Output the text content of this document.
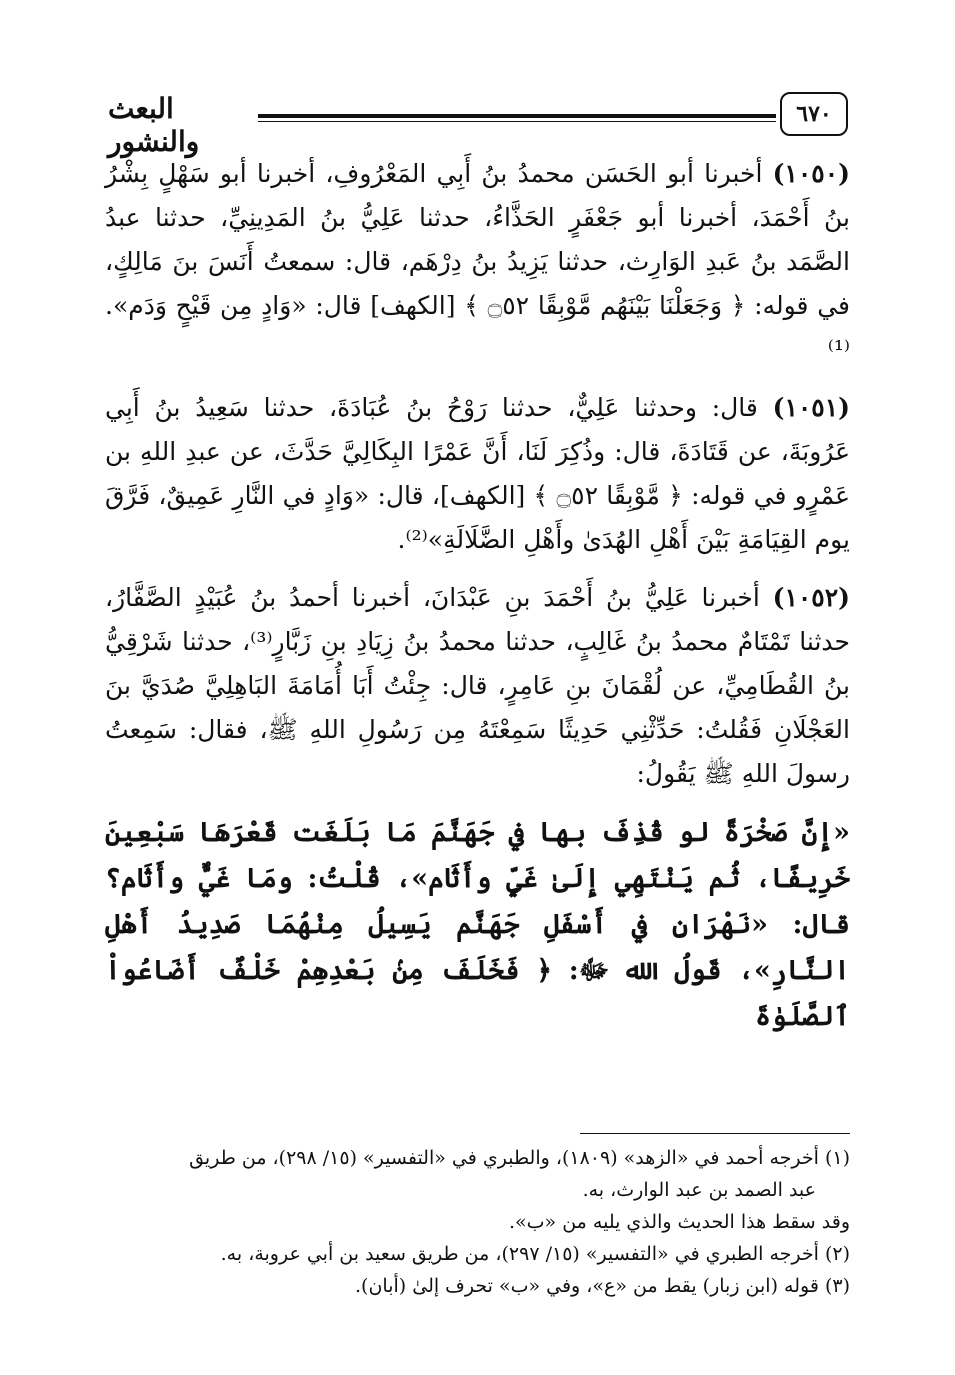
٦٧٠
البعث والنشور

(١٠٥٠) أخبرنا أبو الحَسَن محمدُ بنُ أَبِي المَعْرُوفِ، أخبرنا أبو سَهْلٍ بِشْرُ بنُ أَحْمَدَ، أخبرنا أبو جَعْفَرٍ الحَذَّاءُ، حدثنا عَلِيُّ بنُ المَدِينِيِّ، حدثنا عبدُ الصَّمَد بنُ عَبدِ الوَارِث، حدثنا يَزِيدُ بنُ دِرْهَم، قال: سمعتُ أَنَسَ بنَ مَالِكٍ، في قوله: ﴿ وَجَعَلْنَا بَيْنَهُم مَّوْبِقًا ۝٥٢ ﴾ [الكهف] قال: «وَادٍ مِن قَيْحٍ وَدَم».⁽¹⁾

(١٠٥١) قال: وحدثنا عَلِيٌّ، حدثنا رَوْحُ بنُ عُبَادَةَ، حدثنا سَعِيدُ بنُ أَبِي عَرُوبَةَ، عن قَتَادَةَ، قال: وذُكِرَ لَنَا، أَنَّ عَمْرًا البِكَالِيَّ حَدَّثَ، عن عبدِ اللهِ بن عَمْرٍو في قوله: ﴿ مَّوْبِقًا ۝٥٢ ﴾ [الكهف]، قال: «وَادٍ في النَّارِ عَمِيقٌ، فَرَّقَ يوم القِيَامَةِ بَيْنَ أَهْلِ الهُدَىٰ وأَهْلِ الضَّلَالَةِ»⁽²⁾.

(١٠٥٢) أخبرنا عَلِيُّ بنُ أَحْمَدَ بنِ عَبْدَانَ، أخبرنا أحمدُ بنُ عُبَيْدٍ الصَّفَّارُ، حدثنا تَمْتَامٌ محمدُ بنُ غَالِبٍ، حدثنا محمدُ بنُ زِيَادِ بنِ زَبَّارٍ⁽³⁾، حدثنا شَرْقِيُّ بنُ القُطَامِيِّ، عن لُقْمَانَ بنِ عَامِرٍ، قال: جِئْتُ أَبَا أُمَامَةَ البَاهِلِيَّ صُدَيَّ بنَ العَجْلَانِ فَقُلتُ: حَدِّثْنِي حَدِيثًا سَمِعْتَهُ مِن رَسُولِ اللهِ ﷺ، فقال: سَمِعتُ رسولَ اللهِ ﷺ يَقُولُ:

«إِنَّ صَخْرَةً لو قُذِفَ بها في جَهَنَّمَ مَا بَلَغَت قَعْرَهَا سَبْعِينَ خَرِيفًا، ثُم يَنْتَهِي إِلَىٰ غَيٍّ وأَثَام»، قُلْتُ: ومَا غَيٌّ وأَثَام؟ قال: «نَهْرَانِ في أَسْفَلِ جَهَنَّم يَسِيلُ مِنْهُمَا صَدِيدُ أَهْلِ النَّارِ»، قَولُ الله ﷻ: ﴿ فَخَلَفَ مِنۢ بَعْدِهِمْ خَلْفٌ أَضَاعُواْ ٱلصَّلَوٰةَ

(١) أخرجه أحمد في «الزهد» (١٨٠٩)، والطبري في «التفسير» (١٥/ ٢٩٨)، من طريق

عبد الصمد بن عبد الوارث، به.

وقد سقط هذا الحديث والذي يليه من «ب».

(٢) أخرجه الطبري في «التفسير» (١٥/ ٢٩٧)، من طريق سعيد بن أبي عروبة، به.

(٣) قوله (ابن زبار) يقط من «ع»، وفي «ب» تحرف إلىٰ (أبان).
